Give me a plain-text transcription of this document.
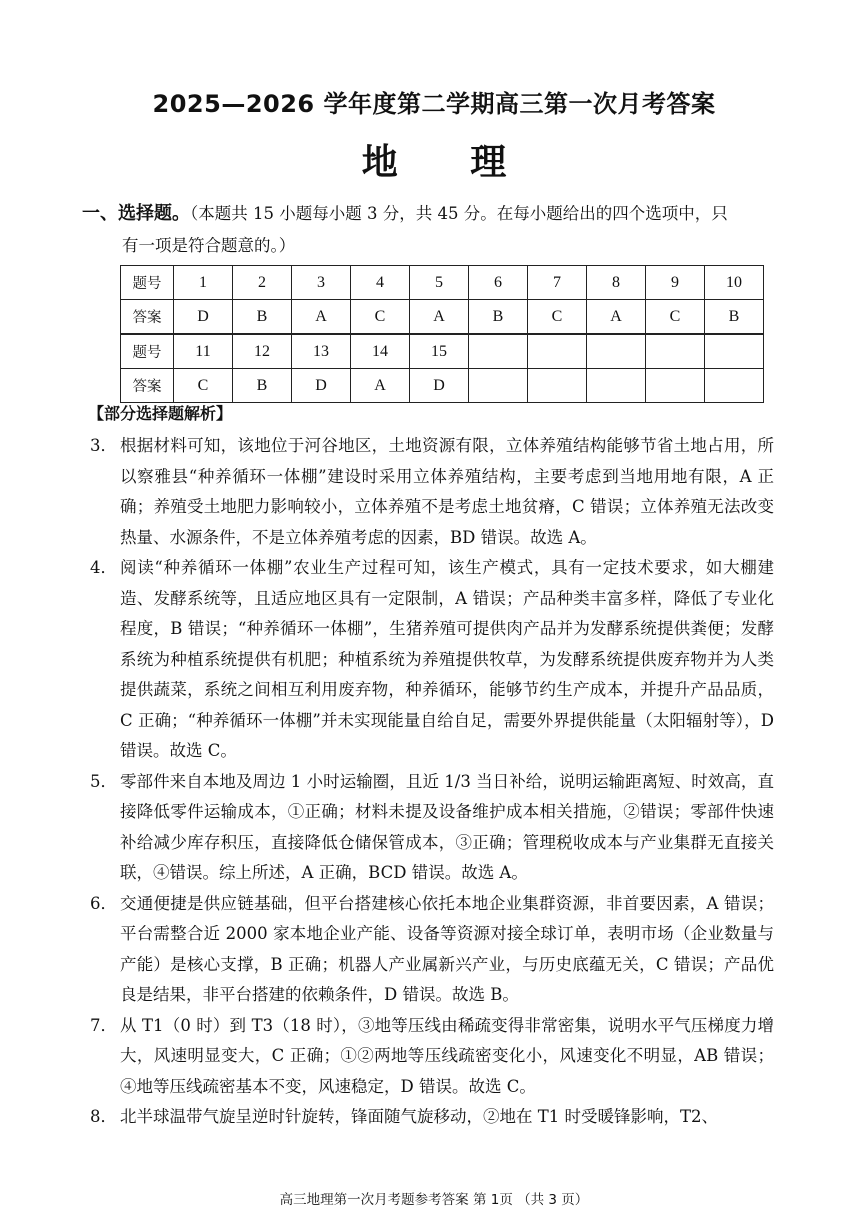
2025—2026 学年度第二学期高三第一次月考答案
地 理
一、选择题。（本题共 15 小题每小题 3 分，共 45 分。在每小题给出的四个选项中，只
有一项是符合题意的。）
题号	1	2	3	4	5	6	7	8	9	10
答案	D	B	A	C	A	B	C	A	C	B
题号	11	12	13	14	15					
答案	C	B	D	A	D					
【部分选择题解析】
3． 根据材料可知，该地位于河谷地区，土地资源有限，立体养殖结构能够节省土地占用，所以察雅县“种养循环一体棚”建设时采用立体养殖结构，主要考虑到当地用地有限，A 正确；养殖受土地肥力影响较小，立体养殖不是考虑土地贫瘠，C 错误；立体养殖无法改变热量、水源条件，不是立体养殖考虑的因素，BD 错误。故选 A。
4． 阅读“种养循环一体棚”农业生产过程可知，该生产模式，具有一定技术要求，如大棚建造、发酵系统等，且适应地区具有一定限制，A 错误；产品种类丰富多样，降低了专业化程度，B 错误；“种养循环一体棚”，生猪养殖可提供肉产品并为发酵系统提供粪便；发酵系统为种植系统提供有机肥；种植系统为养殖提供牧草，为发酵系统提供废弃物并为人类提供蔬菜，系统之间相互利用废弃物，种养循环，能够节约生产成本，并提升产品品质，C 正确；“种养循环一体棚”并未实现能量自给自足，需要外界提供能量（太阳辐射等），D 错误。故选 C。
5． 零部件来自本地及周边 1 小时运输圈，且近 1/3 当日补给，说明运输距离短、时效高，直接降低零件运输成本，①正确；材料未提及设备维护成本相关措施，②错误；零部件快速补给减少库存积压，直接降低仓储保管成本，③正确；管理税收成本与产业集群无直接关联，④错误。综上所述，A 正确，BCD 错误。故选 A。
6． 交通便捷是供应链基础，但平台搭建核心依托本地企业集群资源，非首要因素，A 错误；平台需整合近 2000 家本地企业产能、设备等资源对接全球订单，表明市场（企业数量与产能）是核心支撑，B 正确；机器人产业属新兴产业，与历史底蕴无关，C 错误；产品优良是结果，非平台搭建的依赖条件，D 错误。故选 B。
7． 从 T1（0 时）到 T3（18 时），③地等压线由稀疏变得非常密集，说明水平气压梯度力增大，风速明显变大，C 正确；①②两地等压线疏密变化小，风速变化不明显，AB 错误；④地等压线疏密基本不变，风速稳定，D 错误。故选 C。
8． 北半球温带气旋呈逆时针旋转，锋面随气旋移动，②地在 T1 时受暖锋影响，T2、
高三地理第一次月考题参考答案 第 1页 （共 3 页）
